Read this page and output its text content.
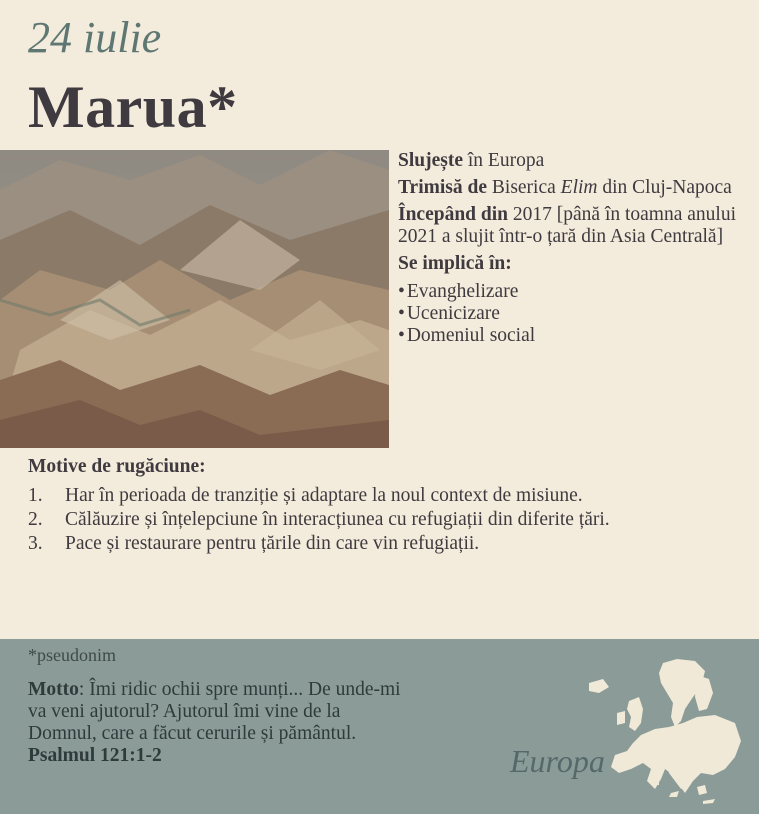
24 iulie
Marua*

Slujește în Europa

Trimisă de Biserica Elim din Cluj-Napoca

Începând din 2017 [până în toamna anului 2021 a slujit într-o țară din Asia Centrală]

Se implică în:

• Evanghelizare
• Ucenicizare
• Domeniul social
Motive de rugăciune:
1. Har în perioada de tranziție și adaptare la noul context de misiune.
2. Călăuzire și înțelepciune în interacțiunea cu refugiații din diferite țări.
3. Pace și restaurare pentru țările din care vin refugiații.
*pseudonim
Motto: Îmi ridic ochii spre munți... De unde-mi va veni ajutorul? Ajutorul îmi vine de la Domnul, care a făcut cerurile și pământul. Psalmul 121:1-2	Europa
